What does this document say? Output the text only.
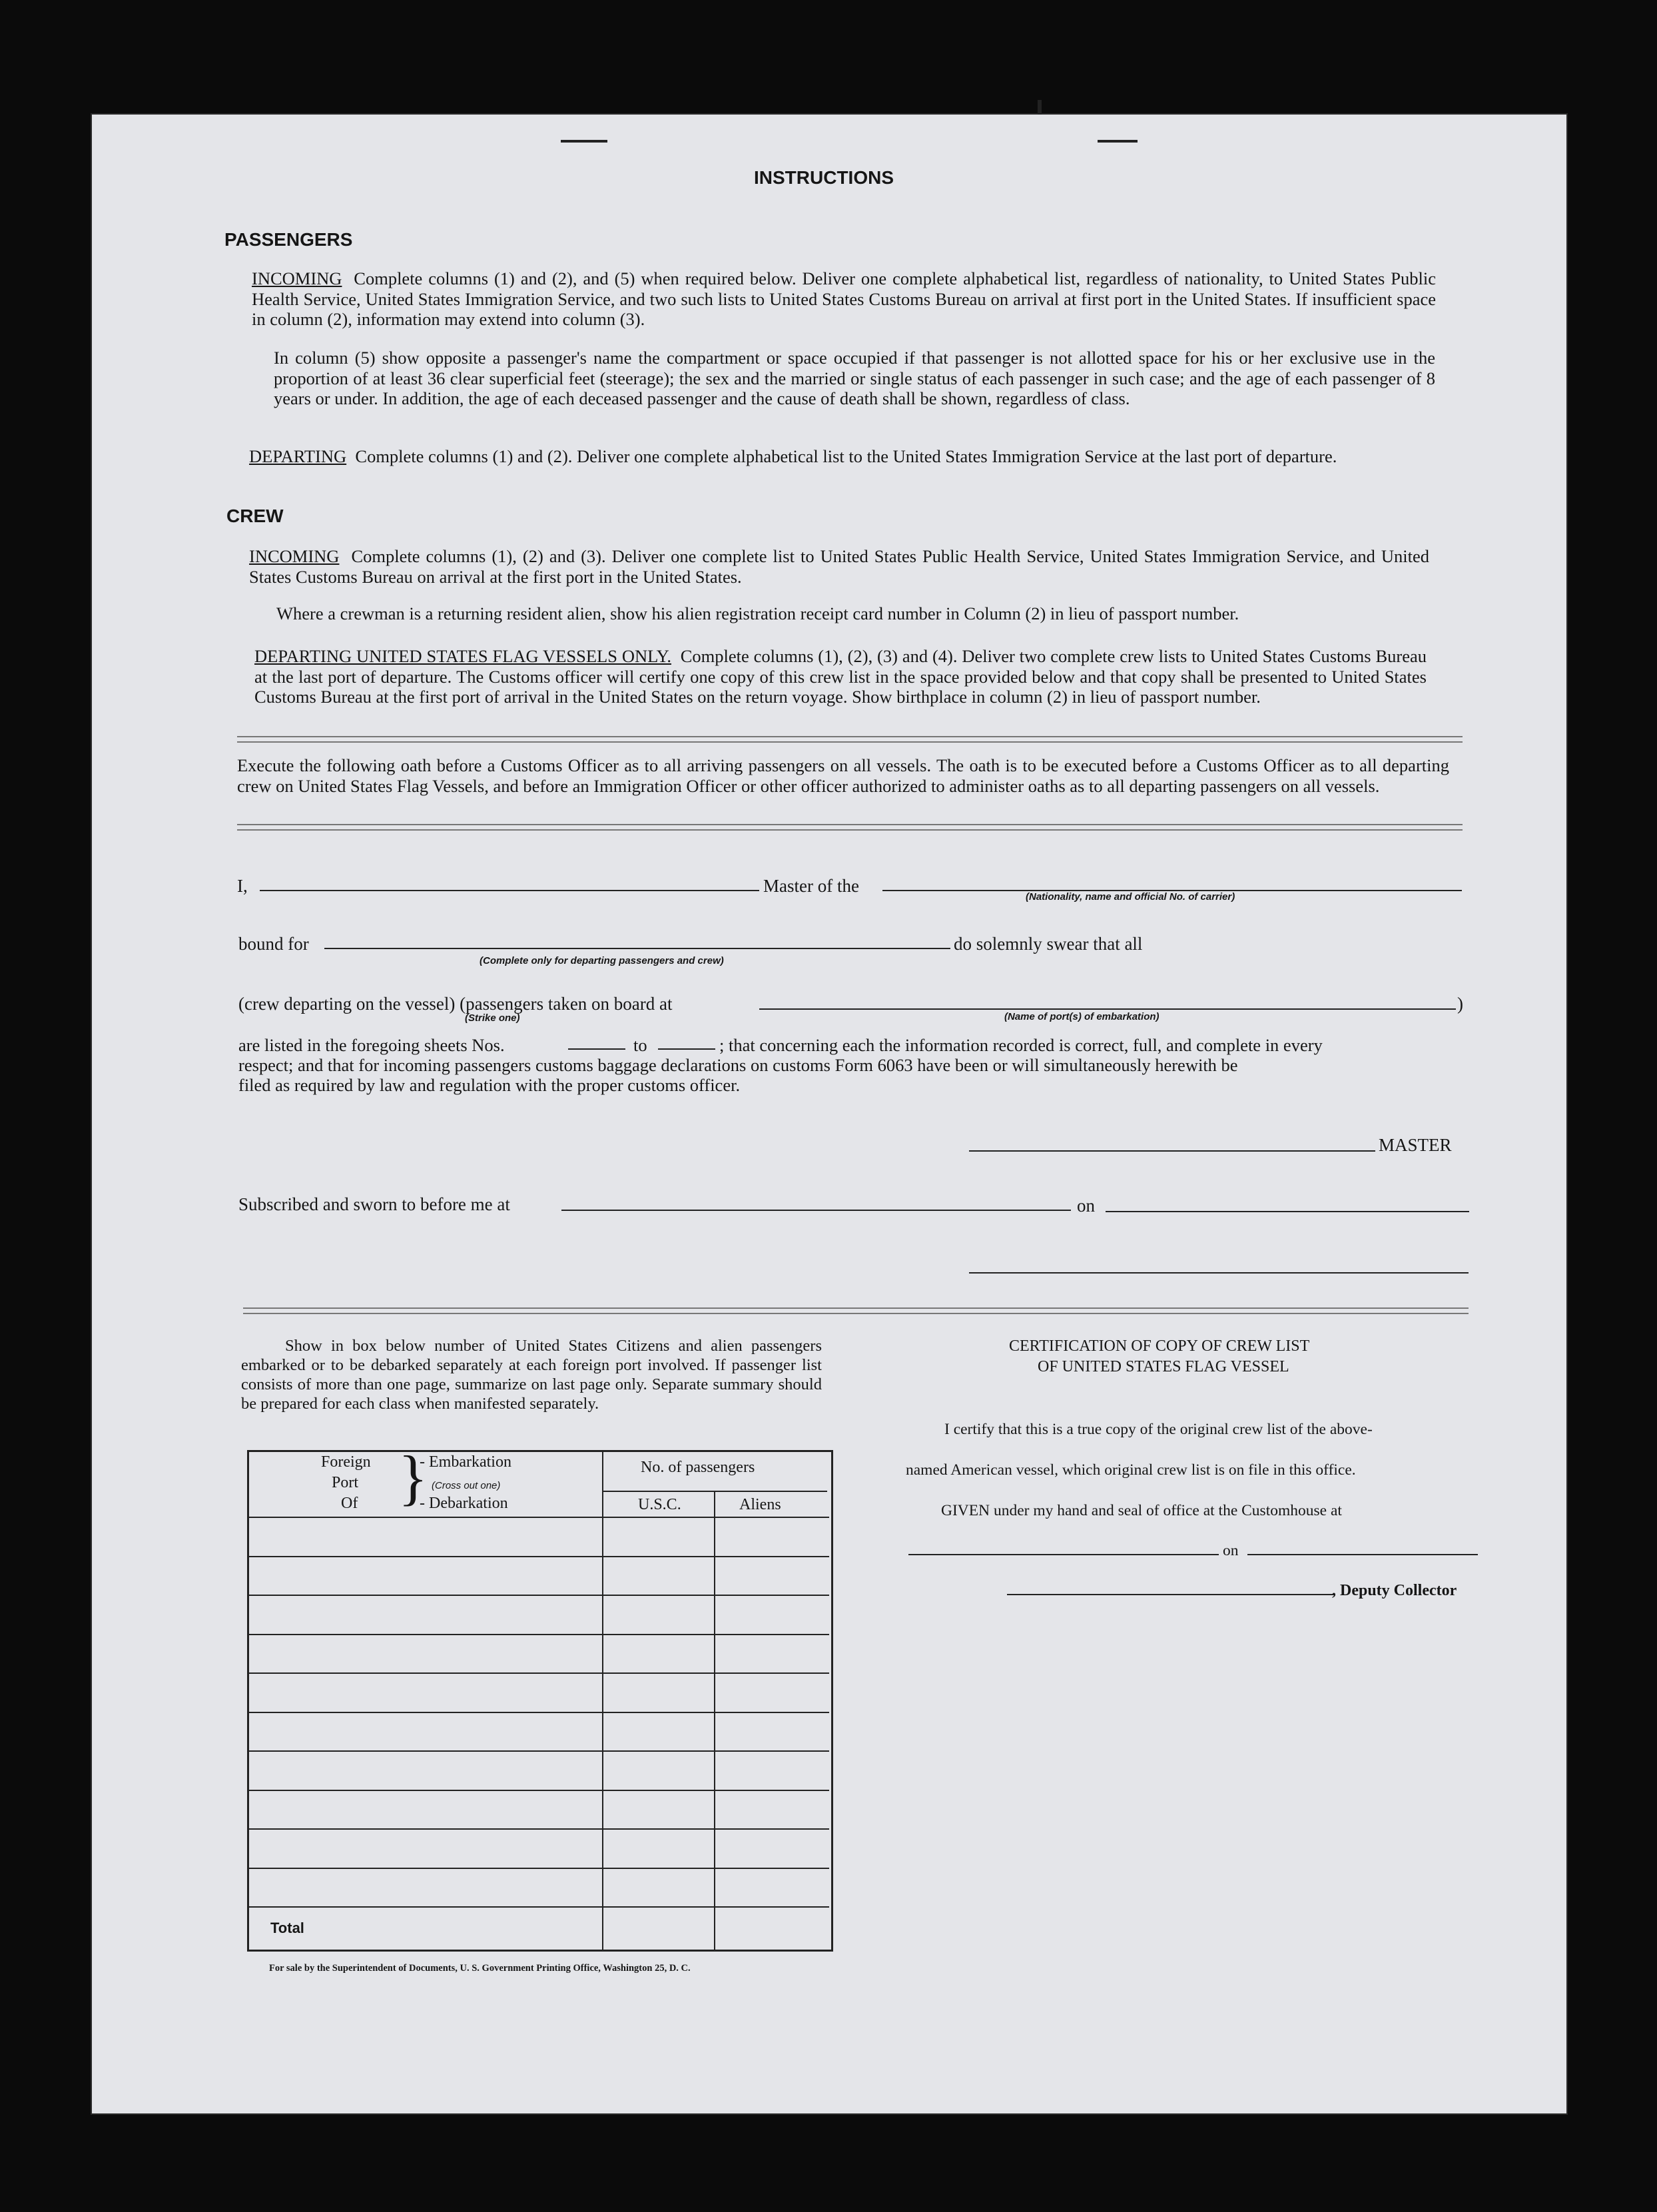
INSTRUCTIONS
PASSENGERS
INCOMING Complete columns (1) and (2), and (5) when required below. Deliver one complete alphabetical list, regardless of nationality, to United States Public Health Service, United States Immigration Service, and two such lists to United States Customs Bureau on arrival at first port in the United States. If insufficient space in column (2), information may extend into column (3).
In column (5) show opposite a passenger's name the compartment or space occupied if that passenger is not allotted space for his or her exclusive use in the proportion of at least 36 clear superficial feet (steerage); the sex and the married or single status of each passenger in such case; and the age of each passenger of 8 years or under. In addition, the age of each deceased passenger and the cause of death shall be shown, regardless of class.
DEPARTING Complete columns (1) and (2). Deliver one complete alphabetical list to the United States Immigration Service at the last port of departure.
CREW
INCOMING Complete columns (1), (2) and (3). Deliver one complete list to United States Public Health Service, United States Immigration Service, and United States Customs Bureau on arrival at the first port in the United States.
Where a crewman is a returning resident alien, show his alien registration receipt card number in Column (2) in lieu of passport number.
DEPARTING UNITED STATES FLAG VESSELS ONLY. Complete columns (1), (2), (3) and (4). Deliver two complete crew lists to United States Customs Bureau at the last port of departure. The Customs officer will certify one copy of this crew list in the space provided below and that copy shall be presented to United States Customs Bureau at the first port of arrival in the United States on the return voyage. Show birthplace in column (2) in lieu of passport number.
Execute the following oath before a Customs Officer as to all arriving passengers on all vessels. The oath is to be executed before a Customs Officer as to all departing crew on United States Flag Vessels, and before an Immigration Officer or other officer authorized to administer oaths as to all departing passengers on all vessels.
I,	Master of the
(Nationality, name and official No. of carrier)
bound for	do solemnly swear that all
(Complete only for departing passengers and crew)
(crew departing on the vessel) (passengers taken on board at	)
(Strike one)	(Name of port(s) of embarkation)
are listed in the foregoing sheets Nos.	to	; that concerning each the information recorded is correct, full, and complete in every
respect; and that for incoming passengers customs baggage declarations on customs Form 6063 have been or will simultaneously herewith be
filed as required by law and regulation with the proper customs officer.
MASTER
Subscribed and sworn to before me at	on
Show in box below number of United States Citizens and alien passengers embarked or to be debarked separately at each foreign port involved. If passenger list consists of more than one page, summarize on last page only. Separate summary should be prepared for each class when manifested separately.
Foreign
Port
Of }
- Embarkation
(Cross out one)
- Debarkation
No. of passengers
U.S.C.	Aliens
Total
For sale by the Superintendent of Documents, U. S. Government Printing Office, Washington 25, D. C.
CERTIFICATION OF COPY OF CREW LIST
OF UNITED STATES FLAG VESSEL
I certify that this is a true copy of the original crew list of the above-
named American vessel, which original crew list is on file in this office.
GIVEN under my hand and seal of office at the Customhouse at
on
, Deputy Collector
